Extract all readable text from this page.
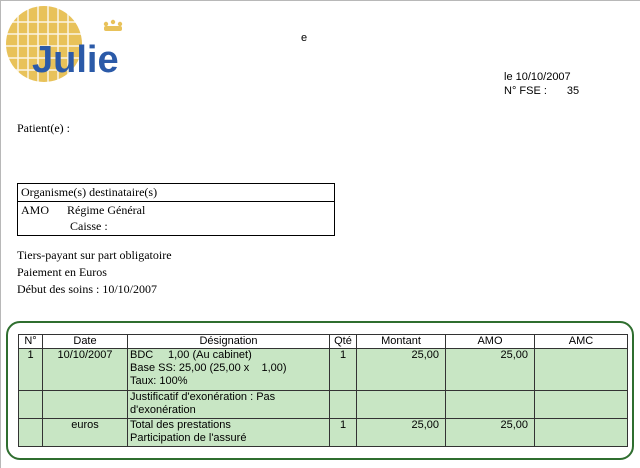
Julie
e
le 10/10/2007
N° FSE : 35
Patient(e) :
Organisme(s) destinataire(s)
AMO Régime Général
Caisse :
Tiers-payant sur part obligatoire
Paiement en Euros
Début des soins : 10/10/2007
N°	Date	Désignation	Qté	Montant	AMO	AMC
1	10/10/2007	BDC 1,00 (Au cabinet)
Base SS: 25,00 (25,00 x    1,00)
Taux: 100%	1	25,00	25,00	

		Justificatif d'exonération : Pas
d'exonération				

	euros	Total des prestations
Participation de l'assuré	1	25,00	25,00	
